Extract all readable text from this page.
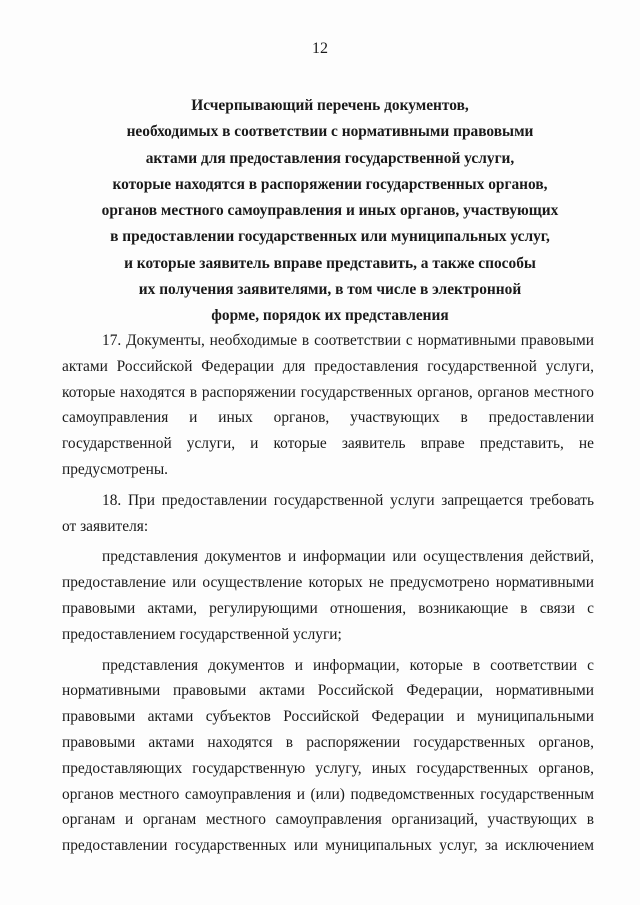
12
Исчерпывающий перечень документов,
необходимых в соответствии с нормативными правовыми
актами для предоставления государственной услуги,
которые находятся в распоряжении государственных органов,
органов местного самоуправления и иных органов, участвующих
в предоставлении государственных или муниципальных услуг,
и которые заявитель вправе представить, а также способы
их получения заявителями, в том числе в электронной
форме, порядок их представления
17. Документы, необходимые в соответствии с нормативными правовыми
актами Российской Федерации для предоставления государственной услуги,
которые находятся в распоряжении государственных органов, органов местного
самоуправления и иных органов, участвующих в предоставлении
государственной услуги, и которые заявитель вправе представить, не
предусмотрены.
18. При предоставлении государственной услуги запрещается требовать
от заявителя:
представления документов и информации или осуществления действий,
предоставление или осуществление которых не предусмотрено нормативными
правовыми актами, регулирующими отношения, возникающие в связи с
предоставлением государственной услуги;
представления документов и информации, которые в соответствии с
нормативными правовыми актами Российской Федерации, нормативными
правовыми актами субъектов Российской Федерации и муниципальными
правовыми актами находятся в распоряжении государственных органов,
предоставляющих государственную услугу, иных государственных органов,
органов местного самоуправления и (или) подведомственных государственным
органам и органам местного самоуправления организаций, участвующих в
предоставлении государственных или муниципальных услуг, за исключением
